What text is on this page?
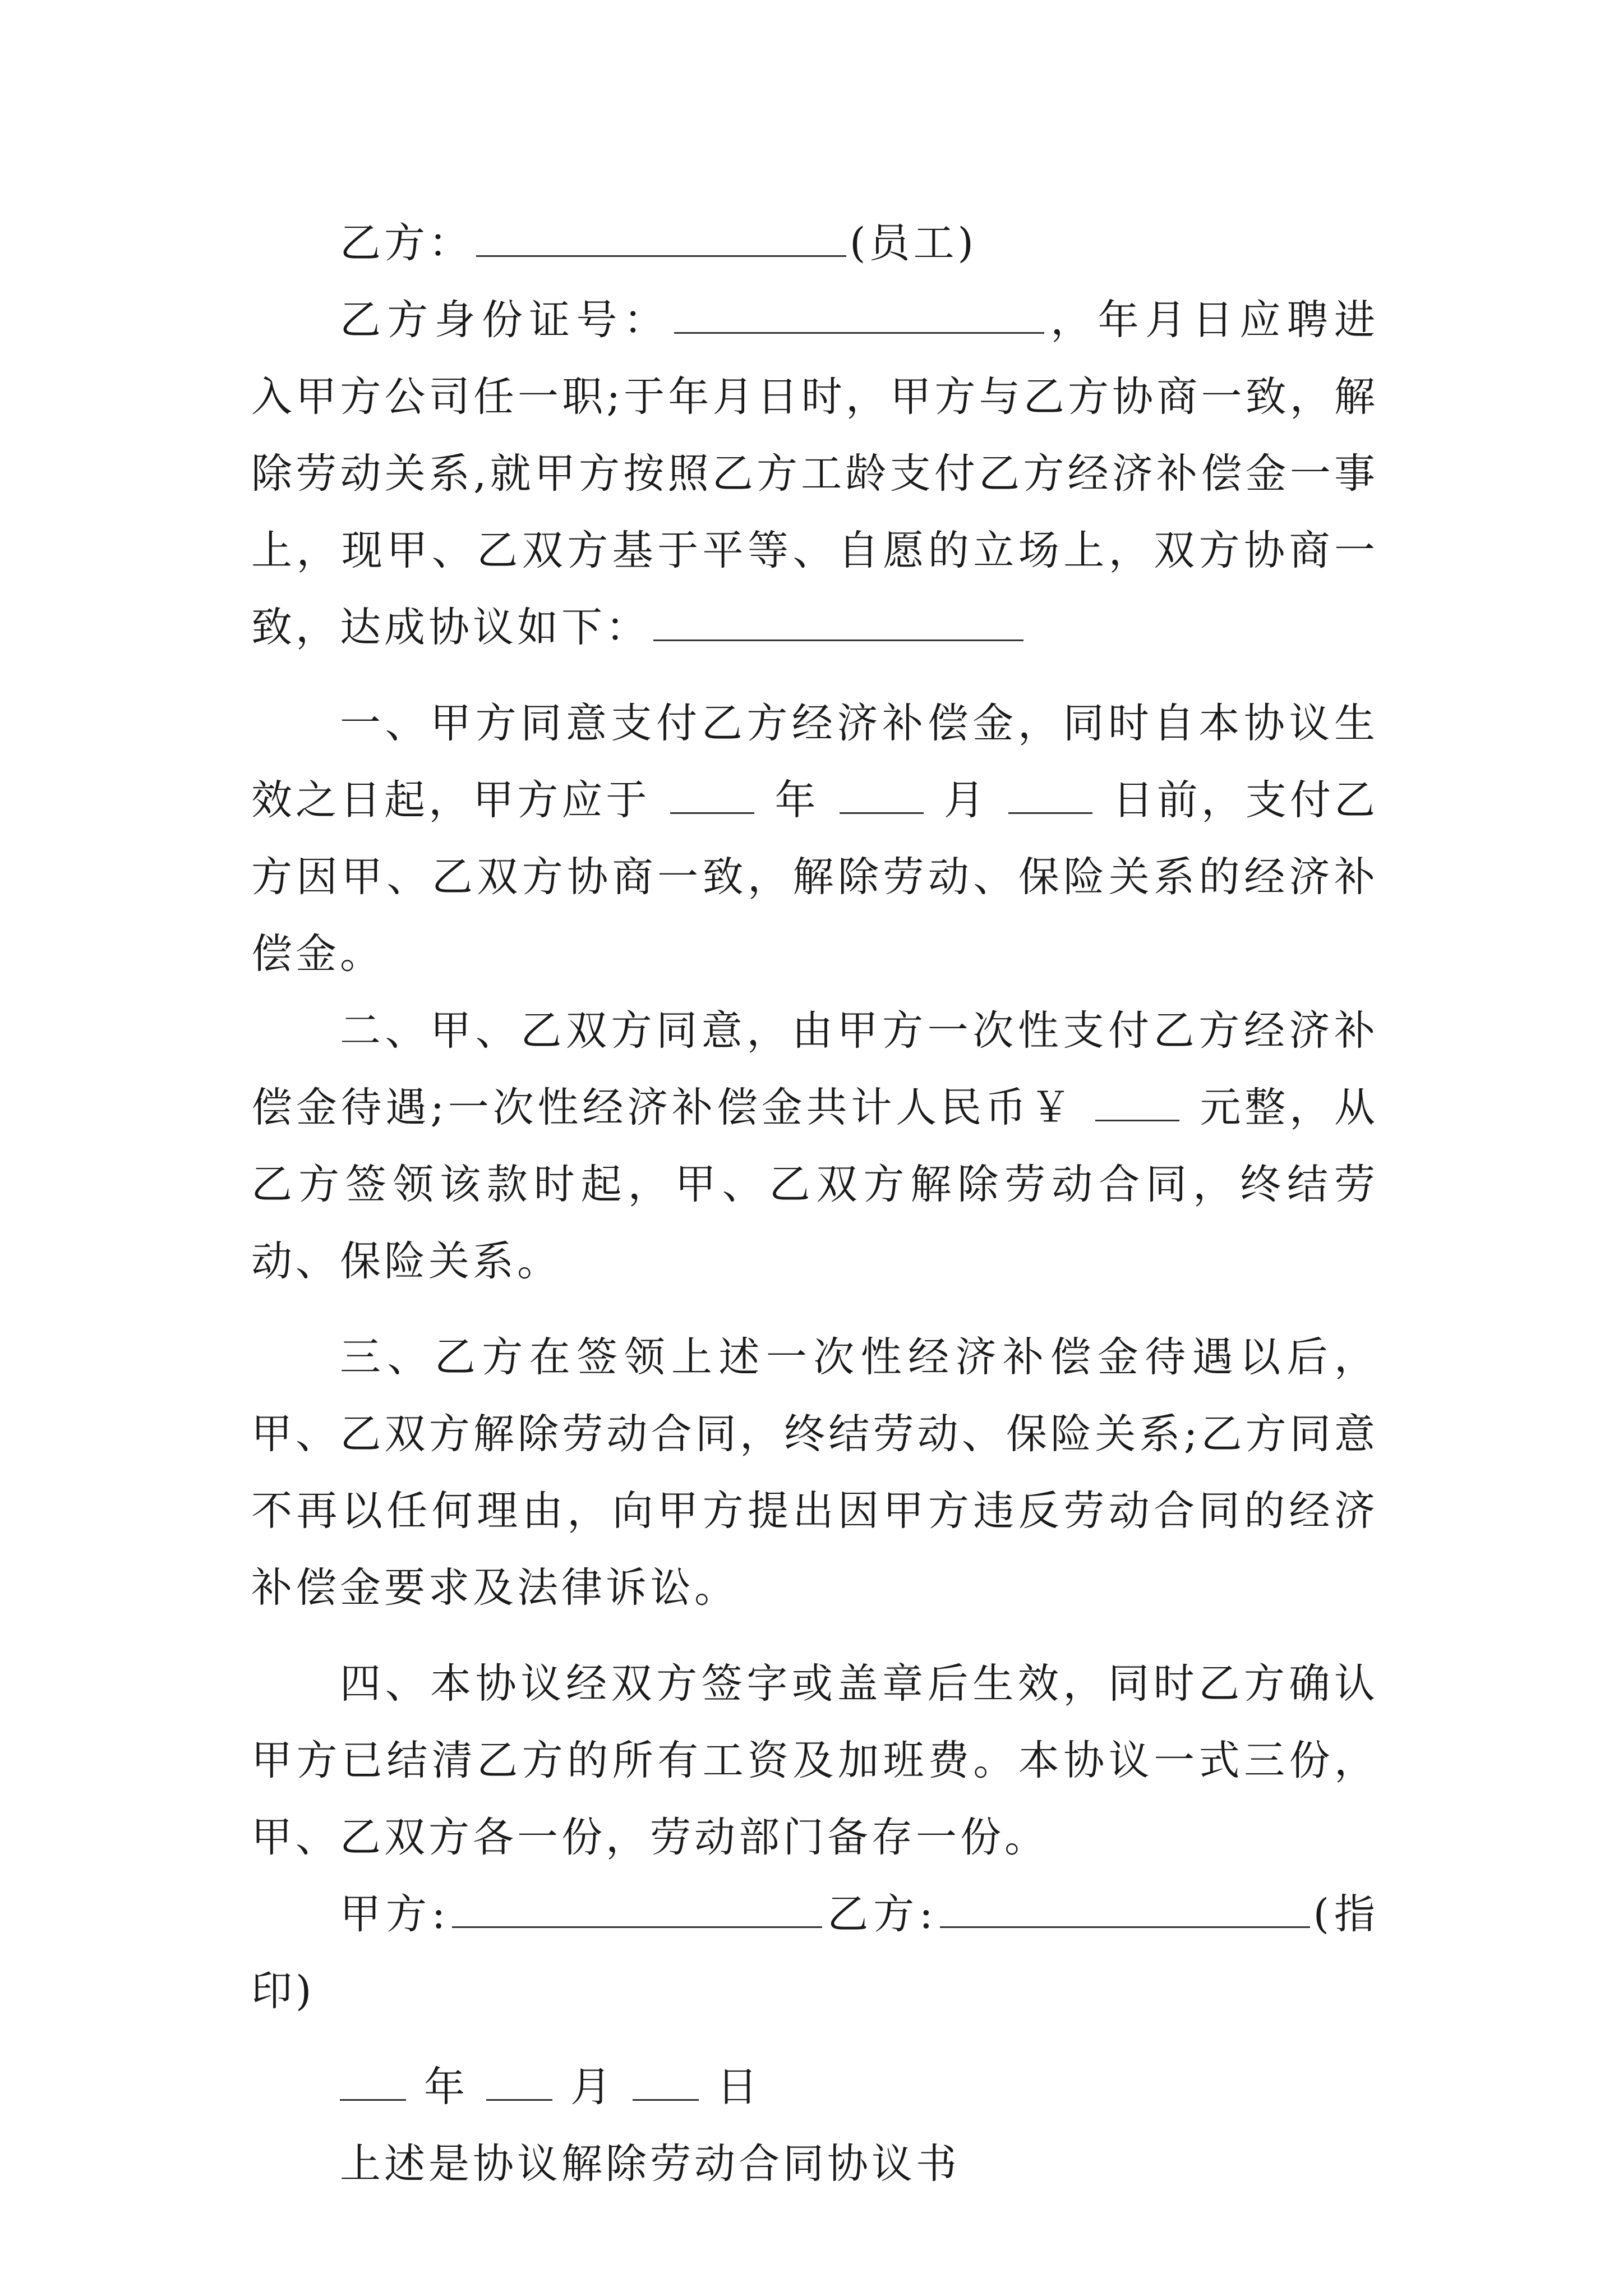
乙方：	(员工)

乙方身份证号：	，年月日应聘进入甲方公司任一职;于年月日时，甲方与乙方协商一致，解除劳动关系,就甲方按照乙方工龄支付乙方经济补偿金一事上，现甲、乙双方基于平等、自愿的立场上，双方协商一致，达成协议如下：

一、甲方同意支付乙方经济补偿金，同时自本协议生效之日起，甲方应于	年	月	日前，支付乙方因甲、乙双方协商一致，解除劳动、保险关系的经济补偿金。

二、甲、乙双方同意，由甲方一次性支付乙方经济补偿金待遇;一次性经济补偿金共计人民币￥	元整，从乙方签领该款时起，甲、乙双方解除劳动合同，终结劳动、保险关系。

三、乙方在签领上述一次性经济补偿金待遇以后，甲、乙双方解除劳动合同，终结劳动、保险关系;乙方同意不再以任何理由，向甲方提出因甲方违反劳动合同的经济补偿金要求及法律诉讼。

四、本协议经双方签字或盖章后生效，同时乙方确认甲方已结清乙方的所有工资及加班费。本协议一式三份，甲、乙双方各一份，劳动部门备存一份。

甲方:	乙方:	(指印)

年 月 日

上述是协议解除劳动合同协议书
